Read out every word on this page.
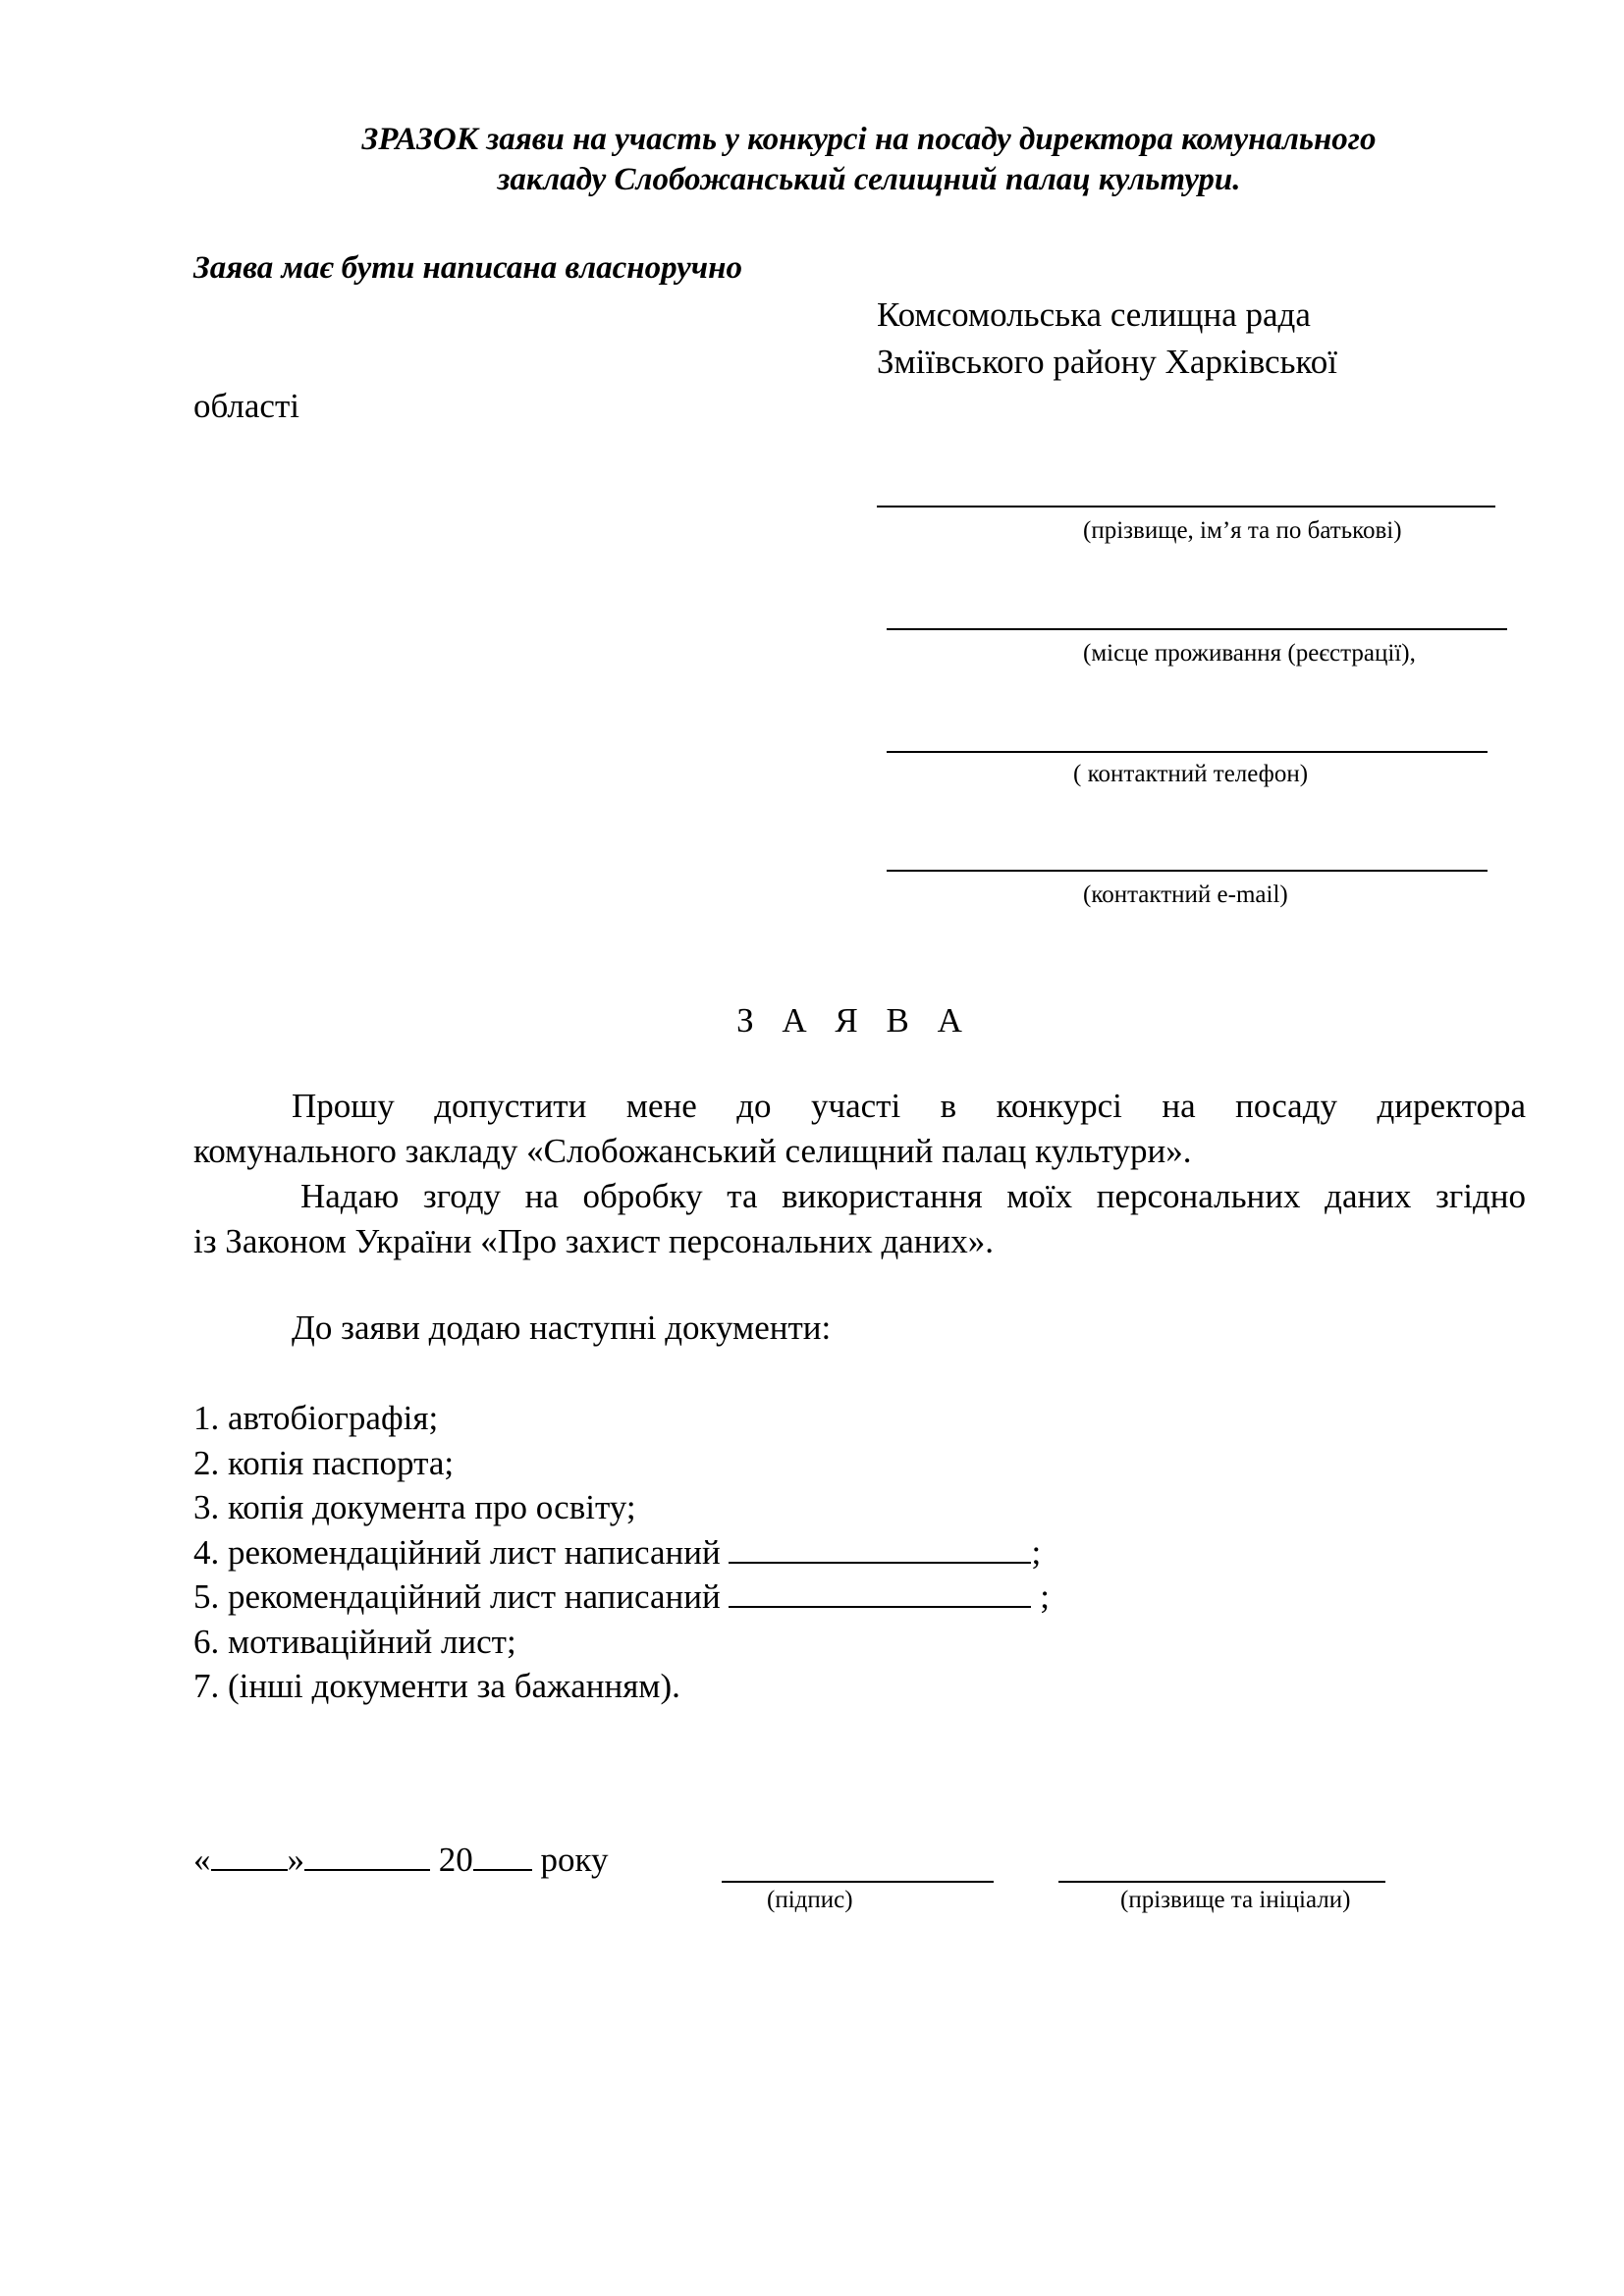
ЗРАЗОК заяви на участь у конкурсі на посаду директора комунального
закладу Слобожанський селищний палац культури.
Заява має бути написана власноручно
Комсомольська селищна рада
Зміївського району Харківської
області
(прізвище, ім’я та по батькові)
(місце проживання (реєстрації),
( контактний телефон)
(контактний e-mail)
З А Я В А
Прошу допустити мене до участі в конкурсі на посаду директора
комунального закладу «Слобожанський селищний палац культури».
Надаю згоду на обробку та використання моїх персональних даних згідно
із Законом України «Про захист персональних даних».
До заяви додаю наступні документи:
1. автобіографія;
2. копія паспорта;
3. копія документа про освіту;
4. рекомендаційний лист написаний	;
5. рекомендаційний лист написаний	;
6. мотиваційний лист;
7. (інші документи за бажанням).
« »	20 року
(підпис)	(прізвище та ініціали)
